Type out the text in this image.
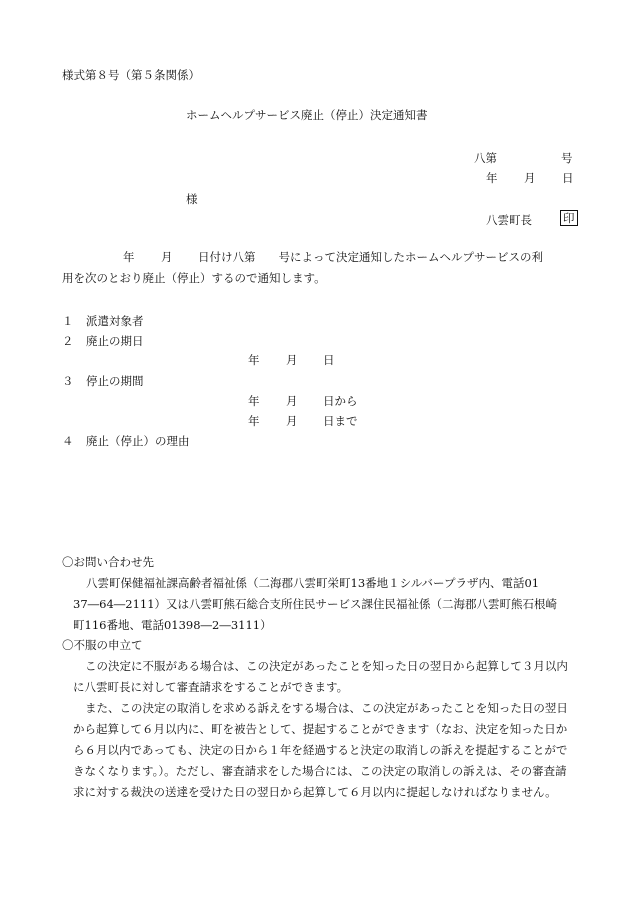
様式第８号（第５条関係）
ホームヘルプサービス廃止（停止）決定通知書
八第	号
年 月 日
様
八雲町長	印
年 月 日付け八第　　号によって決定通知したホームヘルプサービスの利
用を次のとおり廃止（停止）するので通知します。
１ 派遣対象者
２ 廃止の期日
年 月 日
３ 停止の期間
年 月 日から
年 月 日まで
４ 廃止（停止）の理由
〇お問い合わせ先
八雲町保健福祉課高齢者福祉係（二海郡八雲町栄町13番地１シルバープラザ内、電話01
37―64―2111）又は八雲町熊石総合支所住民サービス課住民福祉係（二海郡八雲町熊石根崎
町116番地、電話01398―2―3111）
〇不服の申立て
この決定に不服がある場合は、この決定があったことを知った日の翌日から起算して３月以内に八雲町長に対して審査請求をすることができます。
また、この決定の取消しを求める訴えをする場合は、この決定があったことを知った日の翌日から起算して６月以内に、町を被告として、提起することができます（なお、決定を知った日から６月以内であっても、決定の日から１年を経過すると決定の取消しの訴えを提起することができなくなります。）。ただし、審査請求をした場合には、この決定の取消しの訴えは、その審査請求に対する裁決の送達を受けた日の翌日から起算して６月以内に提起しなければなりません。
